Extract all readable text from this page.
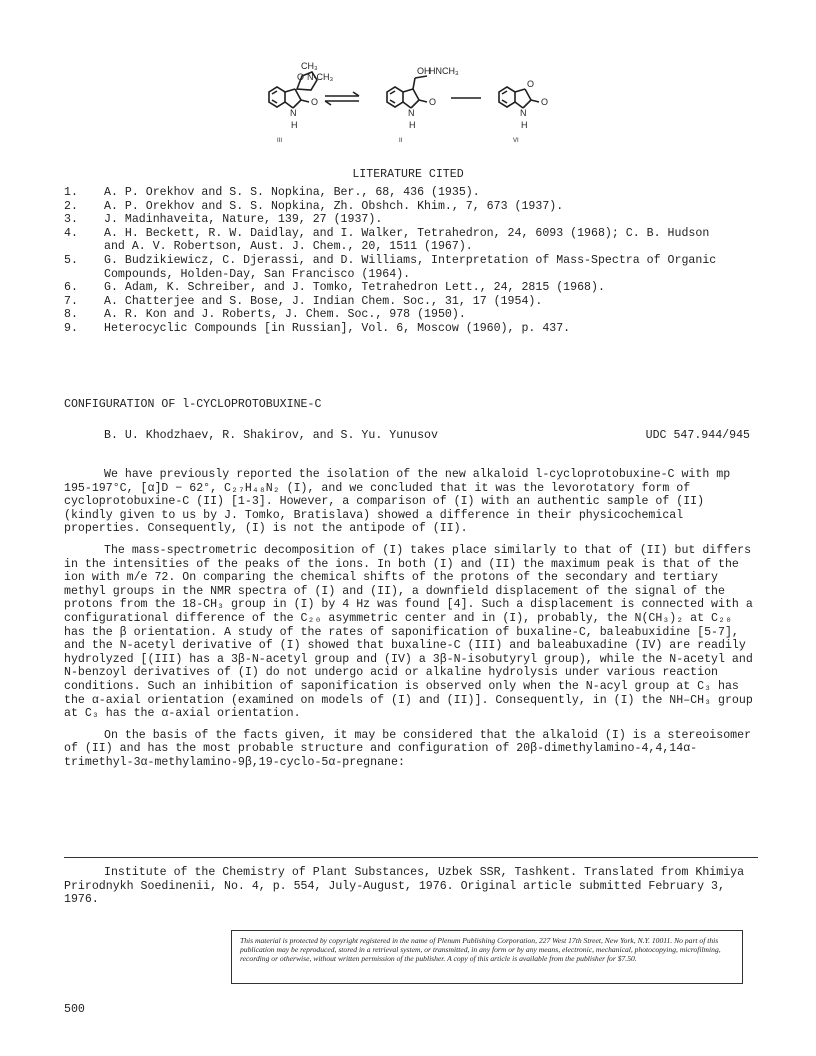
CH₃
O N-CH₃
O
N
H
III
OH
HNCH₃
O
N
H
II
O
O
N
H
VI
LITERATURE CITED
1.	A. P. Orekhov and S. S. Nopkina, Ber., 68, 436 (1935).
2.	A. P. Orekhov and S. S. Nopkina, Zh. Obshch. Khim., 7, 673 (1937).
3.	J. Madinhaveita, Nature, 139, 27 (1937).
4.	A. H. Beckett, R. W. Daidlay, and I. Walker, Tetrahedron, 24, 6093 (1968); C. B. Hudson
and A. V. Robertson, Aust. J. Chem., 20, 1511 (1967).
5.	G. Budzikiewicz, C. Djerassi, and D. Williams, Interpretation of Mass-Spectra of Organic
Compounds, Holden-Day, San Francisco (1964).
6.	G. Adam, K. Schreiber, and J. Tomko, Tetrahedron Lett., 24, 2815 (1968).
7.	A. Chatterjee and S. Bose, J. Indian Chem. Soc., 31, 17 (1954).
8.	A. R. Kon and J. Roberts, J. Chem. Soc., 978 (1950).
9.	Heterocyclic Compounds [in Russian], Vol. 6, Moscow (1960), p. 437.
CONFIGURATION OF l-CYCLOPROTOBUXINE-C
B. U. Khodzhaev, R. Shakirov, and S. Yu. Yunusov	UDC 547.944/945

We have previously reported the isolation of the new alkaloid l-cycloprotobuxine-C with mp 195-197°C, [α]D − 62°, C₂₇H₄₈N₂ (I), and we concluded that it was the levorotatory form of cycloprotobuxine-C (II) [1-3]. However, a comparison of (I) with an authentic sample of (II) (kindly given to us by J. Tomko, Bratislava) showed a difference in their physicochemical properties. Consequently, (I) is not the antipode of (II).

The mass-spectrometric decomposition of (I) takes place similarly to that of (II) but differs in the intensities of the peaks of the ions. In both (I) and (II) the maximum peak is that of the ion with m/e 72. On comparing the chemical shifts of the protons of the secondary and tertiary methyl groups in the NMR spectra of (I) and (II), a downfield displacement of the signal of the protons from the 18-CH₃ group in (I) by 4 Hz was found [4]. Such a displacement is connected with a configurational difference of the C₂₀ asymmetric center and in (I), probably, the N(CH₃)₂ at C₂₀ has the β orientation. A study of the rates of saponification of buxaline-C, baleabuxidine [5-7], and the N-acetyl derivative of (I) showed that buxaline-C (III) and baleabuxadine (IV) are readily hydrolyzed [(III) has a 3β-N-acetyl group and (IV) a 3β-N-isobutyryl group), while the N-acetyl and N-benzoyl derivatives of (I) do not undergo acid or alkaline hydrolysis under various reaction conditions. Such an inhibition of saponification is observed only when the N-acyl group at C₃ has the α-axial orientation (examined on models of (I) and (II)]. Consequently, in (I) the NH–CH₃ group at C₃ has the α-axial orientation.

On the basis of the facts given, it may be considered that the alkaloid (I) is a stereoisomer of (II) and has the most probable structure and configuration of 20β-dimethylamino-4,4,14α-trimethyl-3α-methylamino-9β,19-cyclo-5α-pregnane:

Institute of the Chemistry of Plant Substances, Uzbek SSR, Tashkent. Translated from Khimiya Prirodnykh Soedinenii, No. 4, p. 554, July-August, 1976. Original article submitted February 3, 1976.

This material is protected by copyright registered in the name of Plenum Publishing Corporation, 227 West 17th Street, New York, N.Y. 10011. No part of this publication may be reproduced, stored in a retrieval system, or transmitted, in any form or by any means, electronic, mechanical, photocopying, microfilming, recording or otherwise, without written permission of the publisher. A copy of this article is available from the publisher for $7.50.
500
